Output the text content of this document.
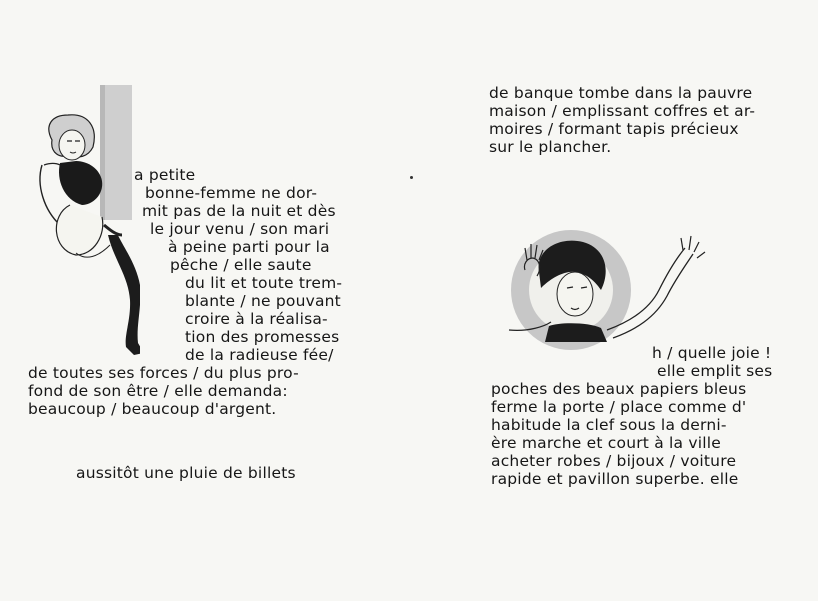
a petite
bonne-femme ne dor-
mit pas de la nuit et dès
le jour venu / son mari
à peine parti pour la
pêche / elle saute
du lit et toute trem-
blante / ne pouvant
croire à la réalisa-
tion des promesses
de la radieuse fée/
de toutes ses forces / du plus pro-
fond de son être / elle demanda:
beaucoup / beaucoup d'argent.
aussitôt une pluie de billets
de banque tombe dans la pauvre
maison / emplissant coffres et ar-
moires / formant tapis précieux
sur le plancher.
h / quelle joie !
elle emplit ses
poches des beaux papiers bleus
ferme la porte / place comme d'
habitude la clef sous la derni-
ère marche et court à la ville
acheter robes / bijoux / voiture
rapide et pavillon superbe. elle
